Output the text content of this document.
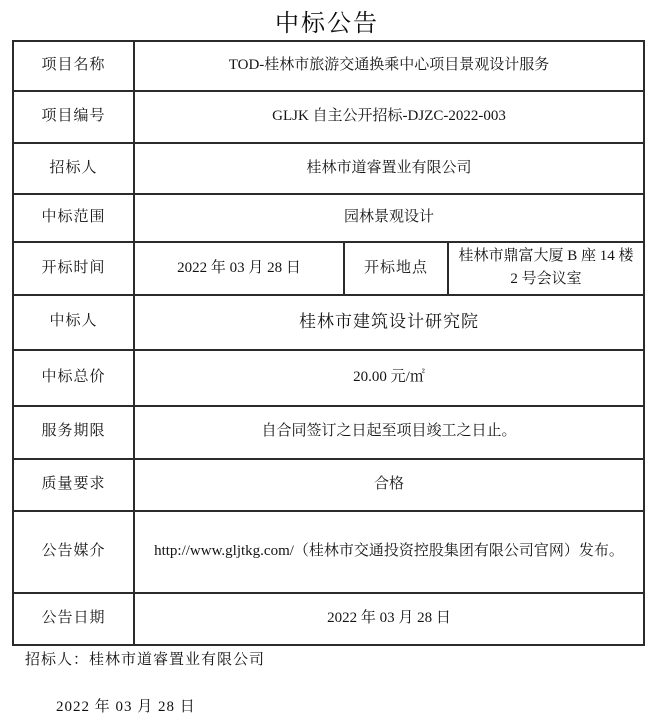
中标公告
项目名称	TOD-桂林市旅游交通换乘中心项目景观设计服务		
项目编号	GLJK 自主公开招标-DJZC-2022-003		
招标人	桂林市道睿置业有限公司		
中标范围	园林景观设计		
开标时间	2022 年 03 月 28 日	开标地点	桂林市鼎富大厦 B 座 14 楼 2 号会议室
中标人	桂林市建筑设计研究院		
中标总价	20.00 元/㎡		
服务期限	自合同签订之日起至项目竣工之日止。		
质量要求	合格		
公告媒介	http://www.gljtkg.com/（桂林市交通投资控股集团有限公司官网）发布。		
公告日期	2022 年 03 月 28 日		
招标人：桂林市道睿置业有限公司
2022 年 03 月 28 日
